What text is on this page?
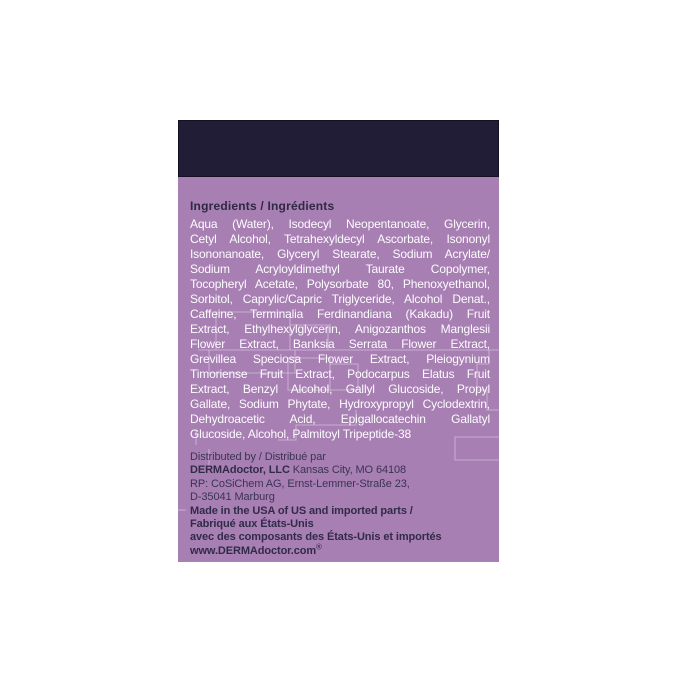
Ingredients / Ingrédients
Aqua (Water), Isodecyl Neopentanoate, Glycerin,
Cetyl Alcohol, Tetrahexyldecyl Ascorbate, Isononyl
Isononanoate, Glyceryl Stearate, Sodium Acrylate/
Sodium Acryloyldimethyl Taurate Copolymer,
Tocopheryl Acetate, Polysorbate 80, Phenoxyethanol,
Sorbitol, Caprylic/Capric Triglyceride, Alcohol Denat.,
Caffeine, Terminalia Ferdinandiana (Kakadu) Fruit
Extract, Ethylhexylglycerin, Anigozanthos Manglesii
Flower Extract, Banksia Serrata Flower Extract,
Grevillea Speciosa Flower Extract, Pleiogynium
Timoriense Fruit Extract, Podocarpus Elatus Fruit
Extract, Benzyl Alcohol, Gallyl Glucoside, Propyl
Gallate, Sodium Phytate, Hydroxypropyl Cyclodextrin,
Dehydroacetic Acid, Epigallocatechin Gallatyl
Glucoside, Alcohol, Palmitoyl Tripeptide-38
Distributed by / Distribué par
DERMAdoctor, LLC Kansas City, MO 64108
RP: CoSiChem AG, Ernst-Lemmer-Straße 23,
D-35041 Marburg
Made in the USA of US and imported parts /
Fabriqué aux États-Unis
avec des composants des États-Unis et importés
www.DERMAdoctor.com®
